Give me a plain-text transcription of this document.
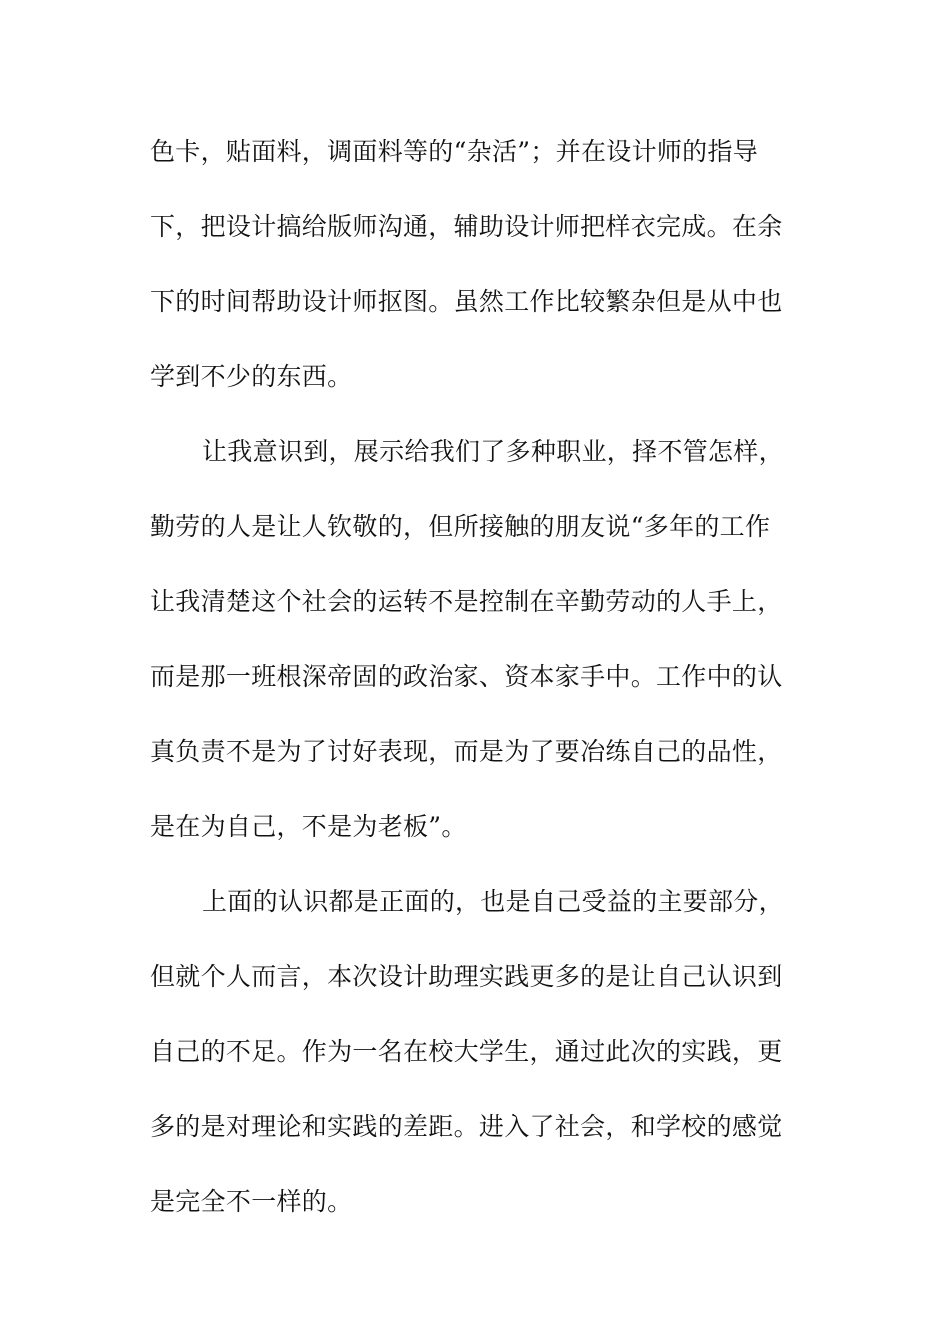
色卡，贴面料，调面料等的“杂活”；并在设计师的指导
下，把设计搞给版师沟通，辅助设计师把样衣完成。在余
下的时间帮助设计师抠图。虽然工作比较繁杂但是从中也
学到不少的东西。
让我意识到，展示给我们了多种职业，择不管怎样，
勤劳的人是让人钦敬的，但所接触的朋友说“多年的工作
让我清楚这个社会的运转不是控制在辛勤劳动的人手上，
而是那一班根深帝固的政治家、资本家手中。工作中的认
真负责不是为了讨好表现，而是为了要冶练自己的品性，
是在为自己，不是为老板”。
上面的认识都是正面的，也是自己受益的主要部分，
但就个人而言，本次设计助理实践更多的是让自己认识到
自己的不足。作为一名在校大学生，通过此次的实践，更
多的是对理论和实践的差距。进入了社会，和学校的感觉
是完全不一样的。
